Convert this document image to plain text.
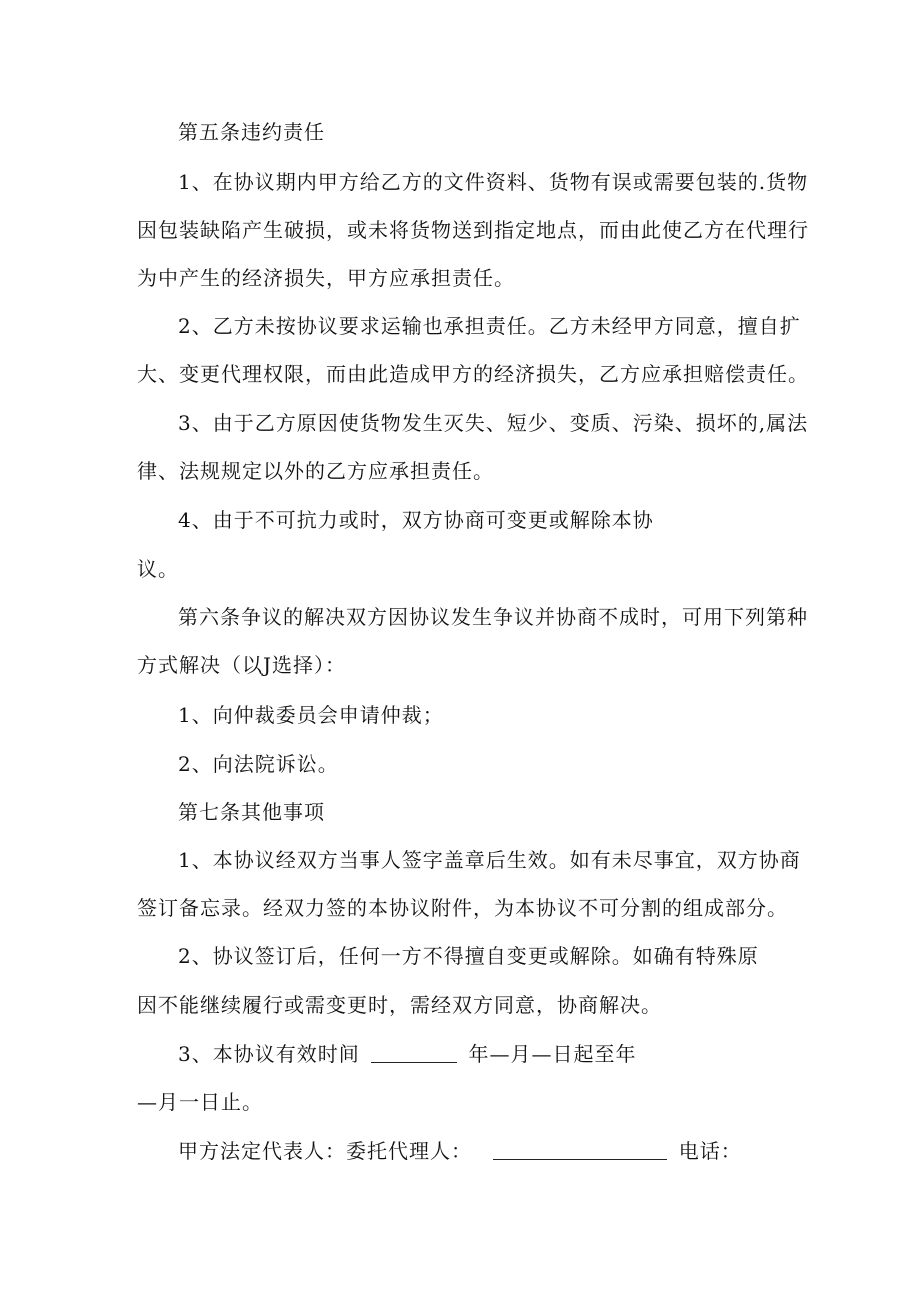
第五条违约责任
1、在协议期内甲方给乙方的文件资料、货物有误或需要包装的.货物
因包装缺陷产生破损，或未将货物送到指定地点，而由此使乙方在代理行
为中产生的经济损失，甲方应承担责任。
2、乙方未按协议要求运输也承担责任。乙方未经甲方同意，擅自扩
大、变更代理权限，而由此造成甲方的经济损失，乙方应承担赔偿责任。
3、由于乙方原因使货物发生灭失、短少、变质、污染、损坏的,属法
律、法规规定以外的乙方应承担责任。
4、由于不可抗力或时，双方协商可变更或解除本协
议。
第六条争议的解决双方因协议发生争议并协商不成时，可用下列第种
方式解决（以J选择）：
1、向仲裁委员会申请仲裁；
2、向法院诉讼。
第七条其他事项
1、本协议经双方当事人签字盖章后生效。如有未尽事宜，双方协商
签订备忘录。经双力签的本协议附件，为本协议不可分割的组成部分。
2、协议签订后，任何一方不得擅自变更或解除。如确有特殊原
因不能继续履行或需变更时，需经双方同意，协商解决。
3、本协议有效时间	年—月—日起至年
—月一日止。
甲方法定代表人：委托代理人：	电话：
